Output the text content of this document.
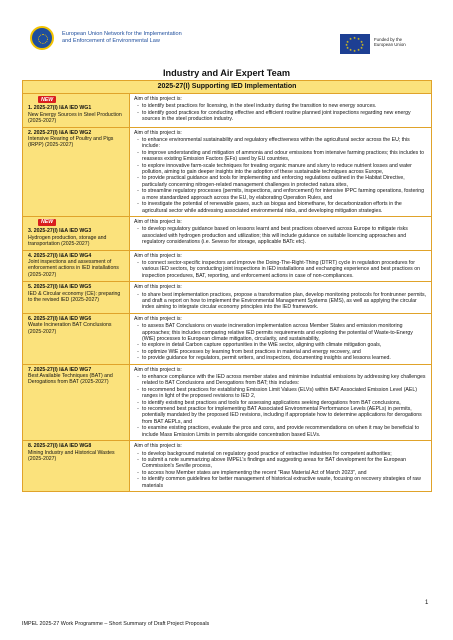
European Union Network for the Implementation
and Enforcement of Environmental Law	★ ★
★
★
★
★
★
★
★
★
★
★	Funded by the
European Union
Industry and Air Expert Team
2025-27(I) Supporting IED Implementation
NEW
1. 2025-27(I) I&A IED WG1
New Energy Sources in Steel Production (2025-2027)
Aim of this project is:
- to identify best practices for licensing, in the steel industry during the transition to new energy sources.
- to identify good practices for conducting effective and efficient routine planned joint inspections regarding new energy sources in the steel production industry.
2. 2025-27(I) I&A IED WG2
Intensive Rearing of Poultry and Pigs (IRPP) (2025-2027)
Aim of this project is:
- to enhance environmental sustainability and regulatory effectiveness within the agricultural sector across the EU; this include:
- to improve understanding and mitigation of ammonia and odour emissions from intensive farming practices; this includes to reassess existing Emission Factors (EFs) used by EU countries,
- to explore innovative farm-scale techniques for treating organic manure and slurry to reduce nutrient losses and water pollution, aiming to gain deeper insights into the adoption of these sustainable techniques across Europe,
- to provide practical guidance and tools for implementing and enforcing regulations outlined in the Habitat Directive, particularly concerning nitrogen-related management challenges in protected natura sites,
- to streamline regulatory processes (permits, inspections, and enforcement) for intensive IPPC farming operations, fostering a more standardized approach across the EU, by elaborating Operation Rules, and
- to investigate the potential of renewable gases, such as biogas and biomethane, for decarbonization efforts in the agricultural sector while addressing associated environmental risks, and developing mitigation strategies.
NEW
3. 2025-27(I) I&A IED WG3
Hydrogen production, storage and transportation (2025-2027)
Aim of this project is:
- to develop regulatory guidance based on lessons learnt and best practices observed across Europe to mitigate risks associated with hydrogen production and utilization; this will include guidance on suitable licencing approaches and regulatory considerations (i.e. Seveso for storage, applicable BATc etc).
4. 2025-27(I) I&A IED WG4
Joint inspections and assessment of enforcement actions in IED installations (2025-2027)
Aim of this project is:
- to connect sector-specific inspectors and improve the Doing-The-Right-Thing (DTRT) cycle in regulation procedures for various IED sectors, by conducting joint inspections in IED installations and exchanging experience and best practices on inspection procedures, BAT, reporting, and enforcement actions in case of non-compliances.
5. 2025-27(I) I&A IED WG5
IED & Circular economy (CE): preparing to the revised IED (2025-2027)
Aim of this project is:
- to share best implementation practices, propose a transformation plan, develop monitoring protocols for frontrunner permits, and draft a report on how to implement the Environmental Management Systems (EMS), as well as applying the circular index aiming to integrate circular economy principles into the IED framework.
6. 2025-27(I) I&A IED WG6
Waste Incineration BAT Conclusions (2025-2027)
Aim of this project is:
- to assess BAT Conclusions on waste incineration implementation across Member States and emission monitoring approaches; this includes comparing relative IED permits requirements and exploring the potential of Waste-to-Energy (WtE) processes to European climate mitigation, circularity, and sustainability,
- to explore in detail Carbon capture opportunities in the WtE sector, aligning with climate mitigation goals,
- to optimize WtE processes by learning from best practices in material and energy recovery, and
- to provide guidance for regulators, permit writers, and inspectors, documenting insights and lessons learned.
7. 2025-27(I) I&A IED WG7
Best Available Techniques (BAT) and Derogations from BAT (2025-2027)
Aim of this project is:
- to enhance compliance with the IED across member states and minimise industrial emissions by addressing key challenges related to BAT Conclusions and Derogations from BAT; this includes:
- to recommend best practices for establishing Emission Limit Values (ELVs) within BAT Associated Emission Level (AEL) ranges in light of the proposed revisions to IED 2,
- to identify existing best practices and tools for assessing applications seeking derogations from BAT conclusions,
- to recommend best practice for implementing BAT Associated Environmental Performance Levels (AEPLs) in permits, potentially mandated by the proposed IED revisions, including if appropriate how to determine applications for derogations from BAT AEPLs, and
- to examine existing practices, evaluate the pros and cons, and provide recommendations on when it may be beneficial to include Mass Emission Limits in permits alongside concentration based ELVs.
8. 2025-27(I) I&A IED WG8
Mining Industry and Historical Wastes (2025-2027)
Aim of this project is:
- to develop background material on regulatory good practice of extractive industries for competent authorities;
- to submit a note summarizing above IMPEL's findings and suggesting areas for BAT development for the European Commission's Seville process,
- to access how Member states are implementing the recent "Raw Material Act of March 2023", and
- to identify common guidelines for better management of historical extractive waste, focusing on recovery strategies of raw materials
1
IMPEL 2025-27 Work Programme – Short Summary of Draft Project Proposals
